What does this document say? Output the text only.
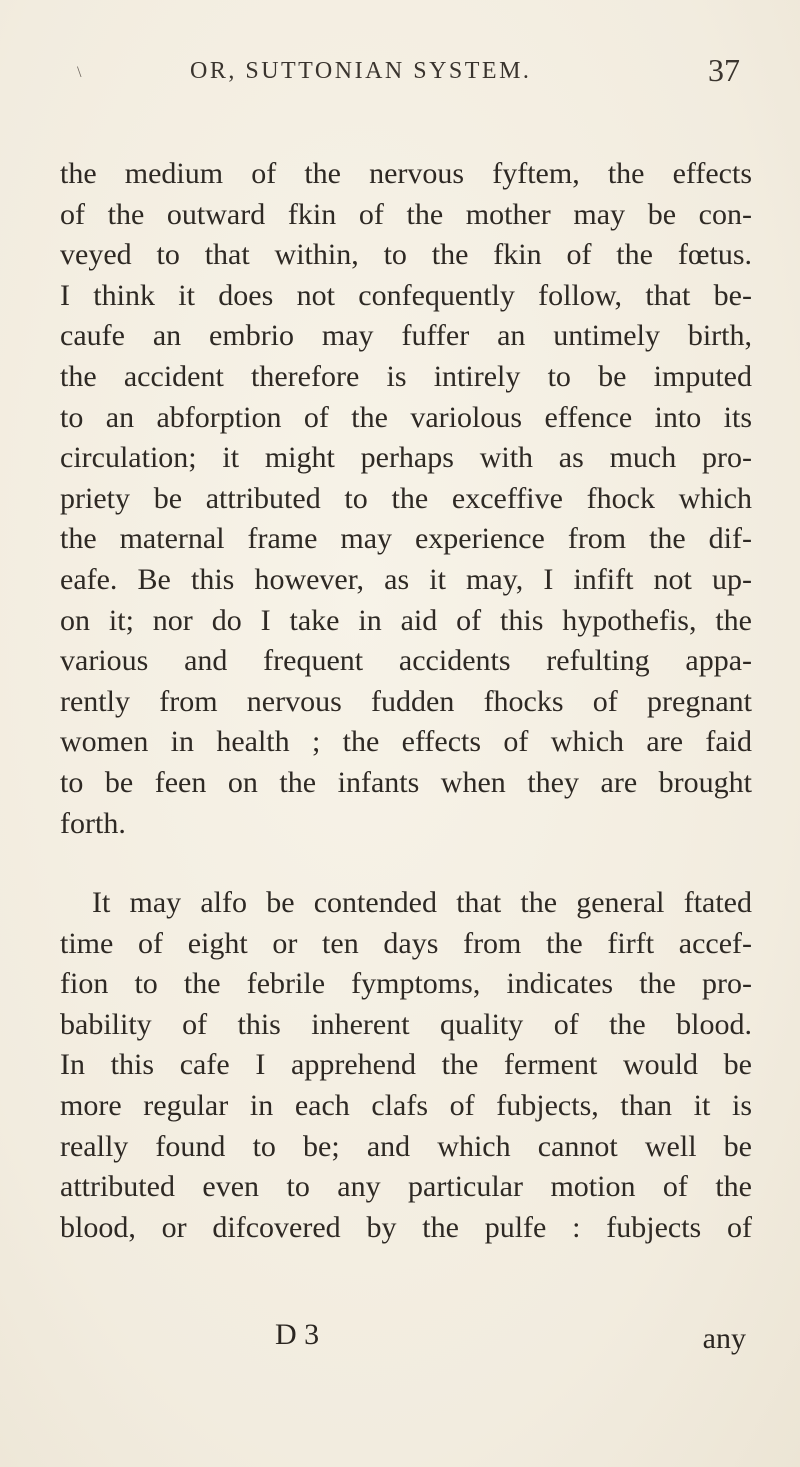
\	OR, SUTTONIAN SYSTEM.	37
the medium of the nervous fyftem, the effects
of the outward fkin of the mother may be con-
veyed to that within, to the fkin of the fœtus.
I think it does not confequently follow, that be-
caufe an embrio may fuffer an untimely birth,
the accident therefore is intirely to be imputed
to an abforption of the variolous effence into its
circulation; it might perhaps with as much pro-
priety be attributed to the exceffive fhock which
the maternal frame may experience from the dif-
eafe. Be this however, as it may, I infift not up-
on it; nor do I take in aid of this hypothefis, the
various and frequent accidents refulting appa-
rently from nervous fudden fhocks of pregnant
women in health ; the effects of which are faid
to be feen on the infants when they are brought
forth.
It may alfo be contended that the general ftated
time of eight or ten days from the firft accef-
fion to the febrile fymptoms, indicates the pro-
bability of this inherent quality of the blood.
In this cafe I apprehend the ferment would be
more regular in each clafs of fubjects, than it is
really found to be; and which cannot well be
attributed even to any particular motion of the
blood, or difcovered by the pulfe : fubjects of
D 3	any
